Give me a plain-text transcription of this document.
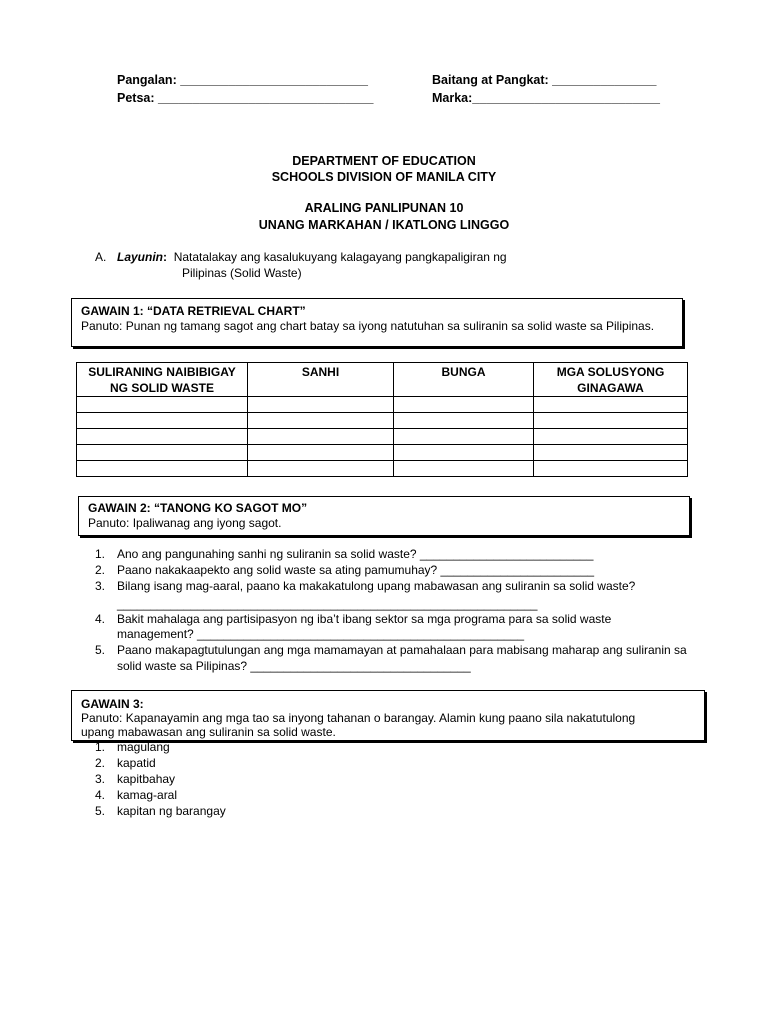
Pangalan: ___________________________	Baitang at Pangkat: _______________
Petsa: _______________________________	Marka:___________________________
DEPARTMENT OF EDUCATION
SCHOOLS DIVISION OF MANILA CITY
ARALING PANLIPUNAN 10
UNANG MARKAHAN / IKATLONG LINGGO
A. Layunin: Natatalakay ang kasalukuyang kalagayang pangkapaligiran ng
Pilipinas (Solid Waste)
GAWAIN 1: “DATA RETRIEVAL CHART”
Panuto: Punan ng tamang sagot ang chart batay sa iyong natutuhan sa suliranin sa solid waste sa Pilipinas.
SULIRANING NAIBIBIGAY NG SOLID WASTE	SANHI	BUNGA	MGA SOLUSYONG GINAGAWA

GAWAIN 2: “TANONG KO SAGOT MO”
Panuto: Ipaliwanag ang iyong sagot.
1. Ano ang pangunahing sanhi ng suliranin sa solid waste? __________________________
2. Paano nakakaapekto ang solid waste sa ating pamumuhay? _______________________
3. Bilang isang mag-aaral, paano ka makakatulong upang mabawasan ang suliranin sa solid waste?
_______________________________________________________________
4. Bakit mahalaga ang partisipasyon ng iba’t ibang sektor sa mga programa para sa solid waste
management? _________________________________________________
5. Paano makapagtutulungan ang mga mamamayan at pamahalaan para mabisang maharap ang suliranin sa
solid waste sa Pilipinas? _________________________________
GAWAIN 3:
Panuto: Kapanayamin ang mga tao sa inyong tahanan o barangay. Alamin kung paano sila nakatutulong
upang mabawasan ang suliranin sa solid waste.
1. magulang
2. kapatid
3. kapitbahay
4. kamag-aral
5. kapitan ng barangay
